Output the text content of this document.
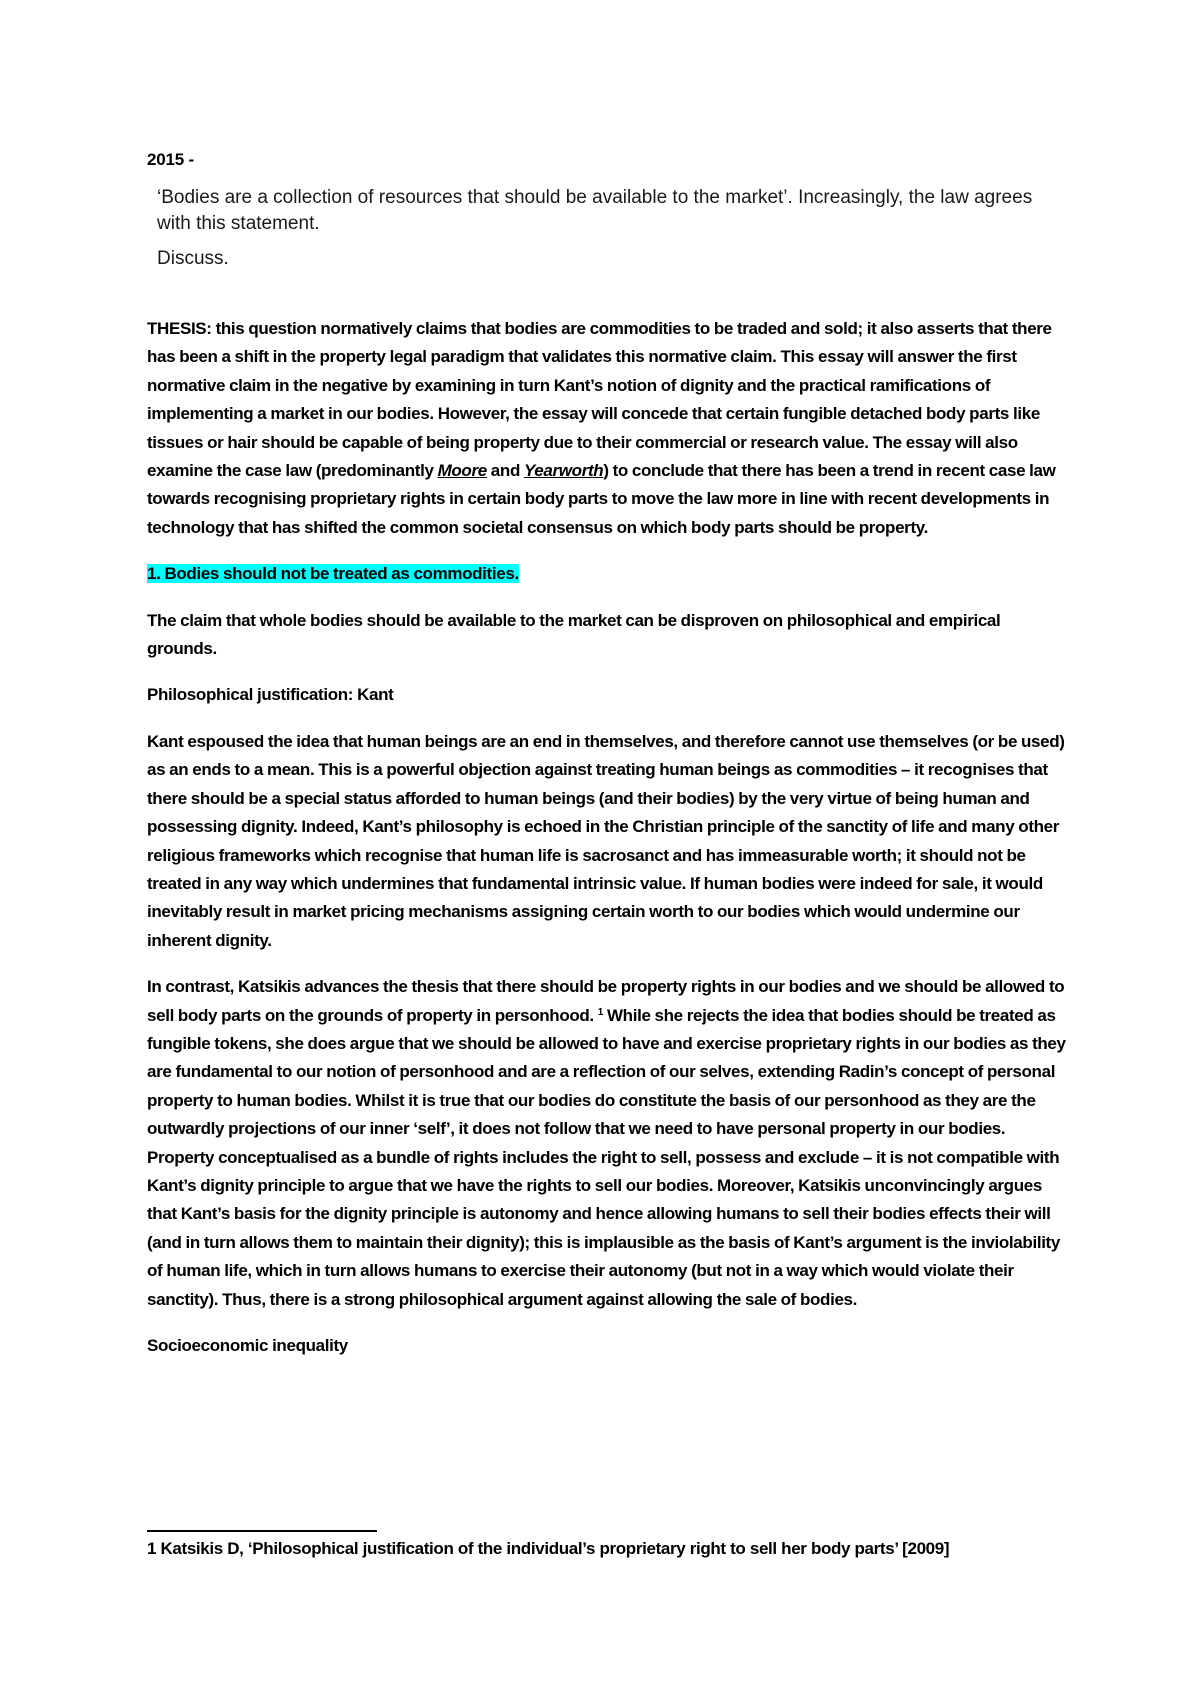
2015 -

‘Bodies are a collection of resources that should be available to the market’. Increasingly, the law agrees with this statement.

Discuss.

THESIS: this question normatively claims that bodies are commodities to be traded and sold; it also asserts that there has been a shift in the property legal paradigm that validates this normative claim. This essay will answer the first normative claim in the negative by examining in turn Kant’s notion of dignity and the practical ramifications of implementing a market in our bodies. However, the essay will concede that certain fungible detached body parts like tissues or hair should be capable of being property due to their commercial or research value. The essay will also examine the case law (predominantly Moore and Yearworth) to conclude that there has been a trend in recent case law towards recognising proprietary rights in certain body parts to move the law more in line with recent developments in technology that has shifted the common societal consensus on which body parts should be property.

1. Bodies should not be treated as commodities.

The claim that whole bodies should be available to the market can be disproven on philosophical and empirical grounds.

Philosophical justification: Kant

Kant espoused the idea that human beings are an end in themselves, and therefore cannot use themselves (or be used) as an ends to a mean. This is a powerful objection against treating human beings as commodities – it recognises that there should be a special status afforded to human beings (and their bodies) by the very virtue of being human and possessing dignity. Indeed, Kant’s philosophy is echoed in the Christian principle of the sanctity of life and many other religious frameworks which recognise that human life is sacrosanct and has immeasurable worth; it should not be treated in any way which undermines that fundamental intrinsic value. If human bodies were indeed for sale, it would inevitably result in market pricing mechanisms assigning certain worth to our bodies which would undermine our inherent dignity.

In contrast, Katsikis advances the thesis that there should be property rights in our bodies and we should be allowed to sell body parts on the grounds of property in personhood. $^1$ While she rejects the idea that bodies should be treated as fungible tokens, she does argue that we should be allowed to have and exercise proprietary rights in our bodies as they are fundamental to our notion of personhood and are a reflection of our selves, extending Radin’s concept of personal property to human bodies. Whilst it is true that our bodies do constitute the basis of our personhood as they are the outwardly projections of our inner ‘self’, it does not follow that we need to have personal property in our bodies. Property conceptualised as a bundle of rights includes the right to sell, possess and exclude – it is not compatible with Kant’s dignity principle to argue that we have the rights to sell our bodies. Moreover, Katsikis unconvincingly argues that Kant’s basis for the dignity principle is autonomy and hence allowing humans to sell their bodies effects their will (and in turn allows them to maintain their dignity); this is implausible as the basis of Kant’s argument is the inviolability of human life, which in turn allows humans to exercise their autonomy (but not in a way which would violate their sanctity). Thus, there is a strong philosophical argument against allowing the sale of bodies.

Socioeconomic inequality

1 Katsikis D, ‘Philosophical justification of the individual’s proprietary right to sell her body parts’ [2009]
